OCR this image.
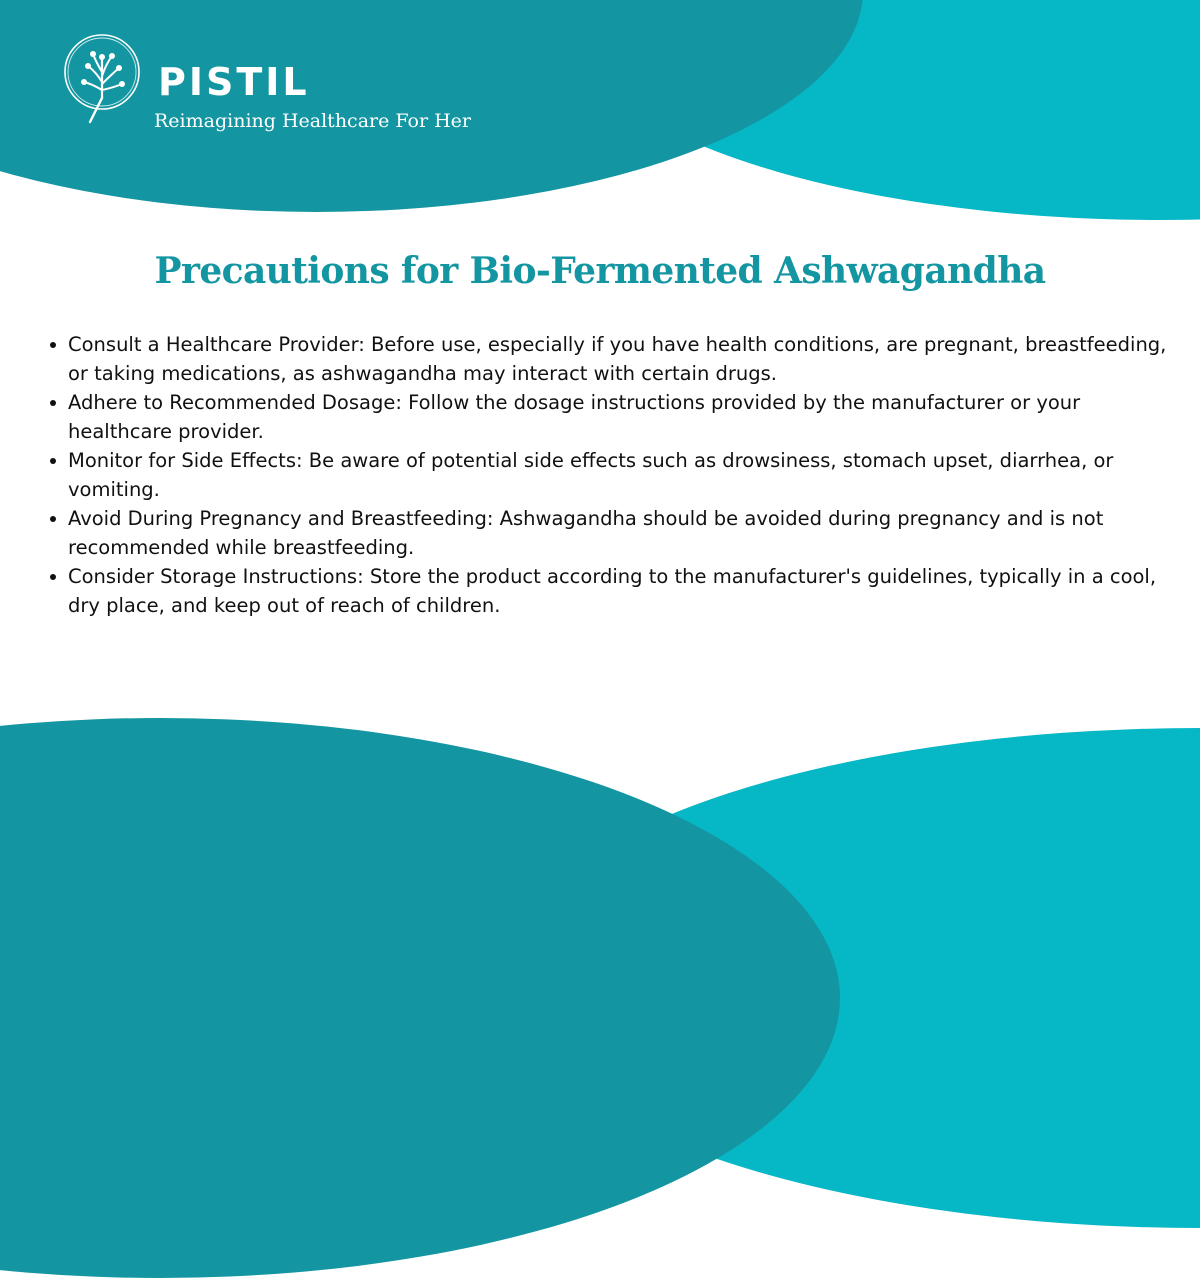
PISTIL

Reimagining Healthcare For Her

Precautions for Bio-Fermented Ashwagandha
Consult a Healthcare Provider: Before use, especially if you have health conditions, are pregnant, breastfeeding, or taking medications, as ashwagandha may interact with certain drugs.
Adhere to Recommended Dosage: Follow the dosage instructions provided by the manufacturer or your healthcare provider.
Monitor for Side Effects: Be aware of potential side effects such as drowsiness, stomach upset, diarrhea, or vomiting.
Avoid During Pregnancy and Breastfeeding: Ashwagandha should be avoided during pregnancy and is not recommended while breastfeeding.
Consider Storage Instructions: Store the product according to the manufacturer's guidelines, typically in a cool, dry place, and keep out of reach of children.
